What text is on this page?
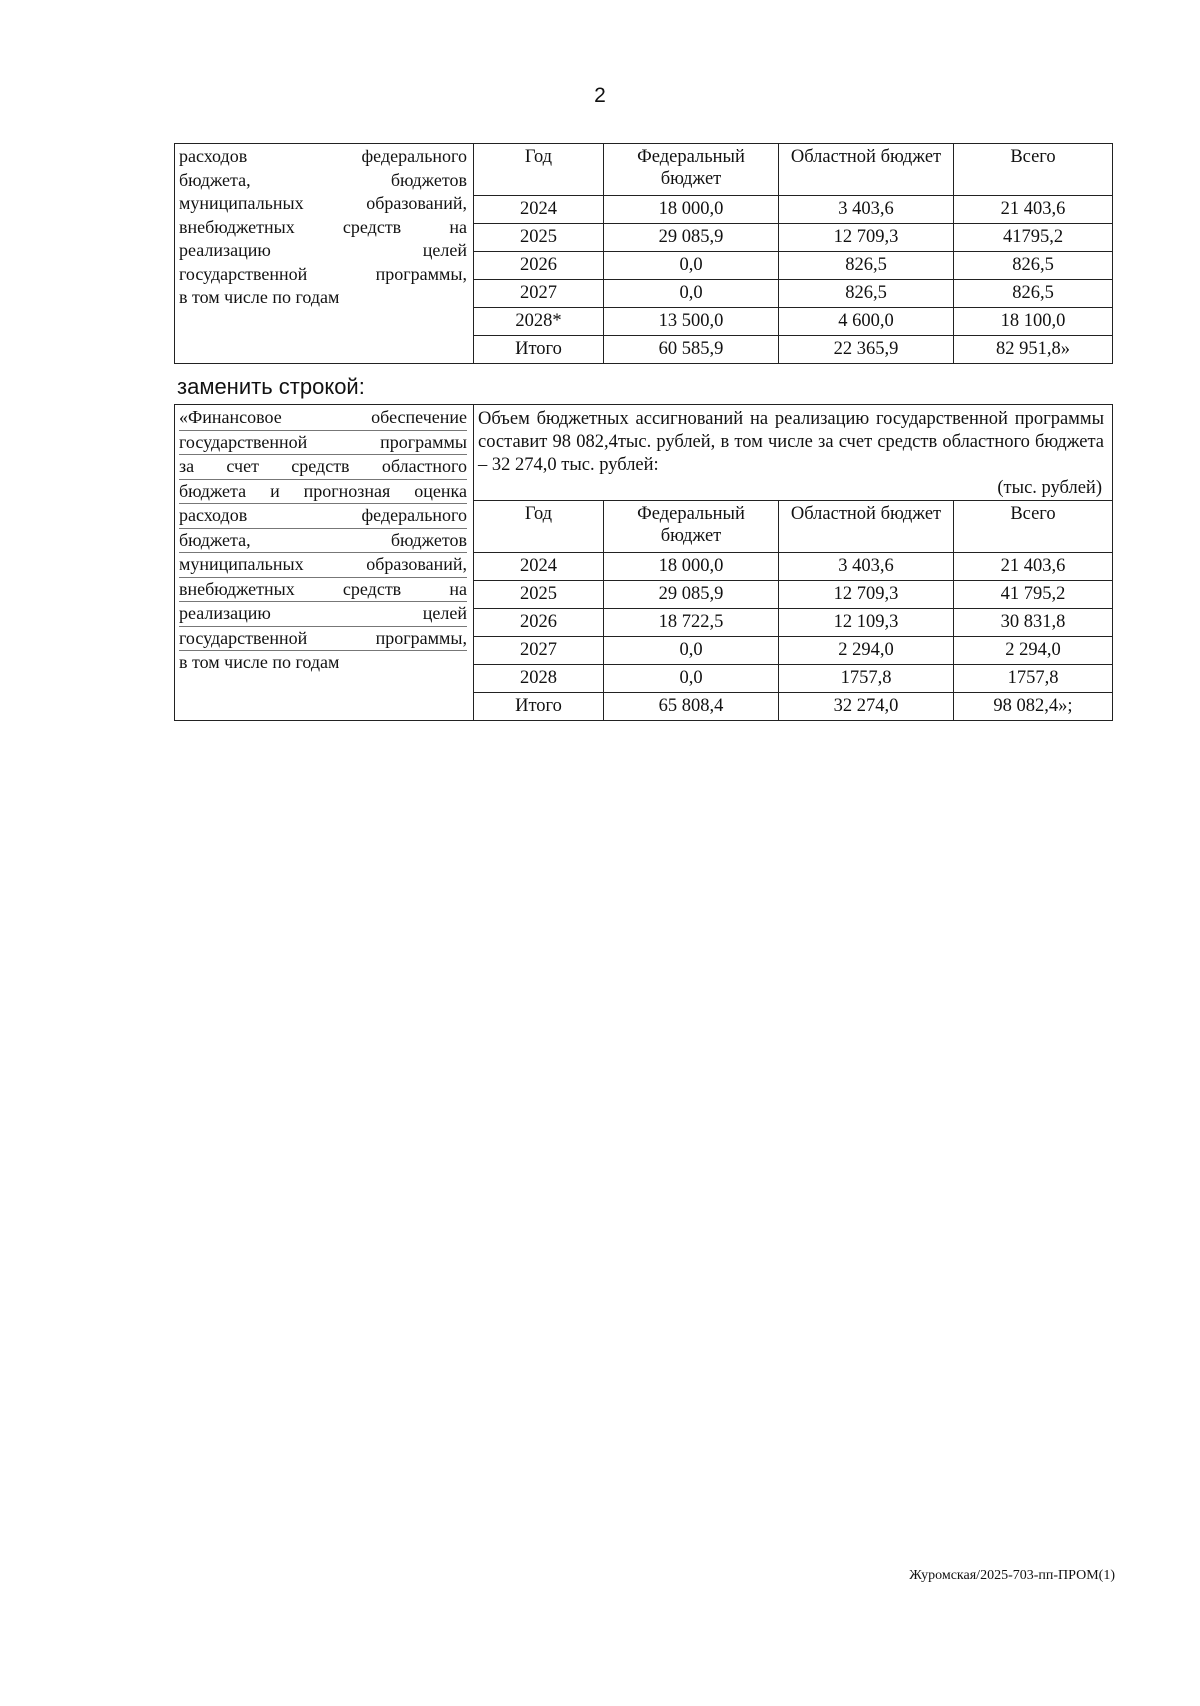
2

расходов федерального
бюджета, бюджетов
муниципальных образований,
внебюджетных средств на
реализацию целей
государственной программы,
в том числе по годам

Год	Федеральный бюджет	Областной бюджет	Всего
2024	18 000,0	3 403,6	21 403,6
2025	29 085,9	12 709,3	41795,2
2026	0,0	826,5	826,5
2027	0,0	826,5	826,5
2028*	13 500,0	4 600,0	18 100,0
Итого	60 585,9	22 365,9	82 951,8»
заменить строкой:

«Финансовое обеспечение
государственной программы
за счет средств областного
бюджета и прогнозная оценка
расходов федерального
бюджета, бюджетов
муниципальных образований,
внебюджетных средств на
реализацию целей
государственной программы,
в том числе по годам

Объем бюджетных ассигнований на реализацию государственной программы составит 98 082,4тыс. рублей, в том числе за счет средств областного бюджета – 32 274,0 тыс. рублей:

(тыс. рублей)

Год	Федеральный бюджет	Областной бюджет	Всего
2024	18 000,0	3 403,6	21 403,6
2025	29 085,9	12 709,3	41 795,2
2026	18 722,5	12 109,3	30 831,8
2027	0,0	2 294,0	2 294,0
2028	0,0	1757,8	1757,8
Итого	65 808,4	32 274,0	98 082,4»;
Журомская/2025-703-пп-ПРОМ(1)
